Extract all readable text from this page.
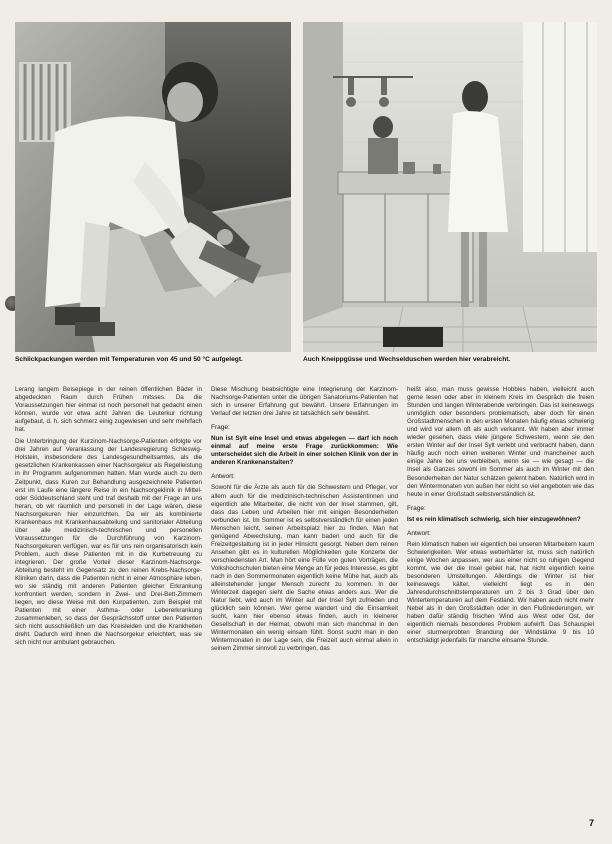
Schlickpackungen werden mit Temperaturen von 45 und 50 °C aufgelegt.	Auch Kneippgüsse und Wechselduschen werden hier verabreicht.

Lerang langem Beisepiege in der reinen öffentlichen Bäder in abgedeckten Raum durch Frühen mitsses. Da die Voraussetzungen hier einmal ist noch personell hat gedacht einen können, wurde vor etwa acht Jahren die Leuterkur richtung aufgebaut, d. h. sich schmerz einig zugewiesen und sehr mehrfach hat.

Die Unterbringung der Kurzinom-Nachsorge-Patienten erfolgte vor drei Jahren auf Veranlassung der Landesregierung Schleswig-Holstein, insbesondere des Landesgesundheitsamtes, als die gesetzlichen Krankenkassen einer Nachsorgekur als Regelleistung in ihr Programm aufgenommen hatten. Man wurde auch zu dem Zeitpunkt, dass Kuren zur Behandlung ausgezeichnete Patienten erst im Laufe eine längere Reise in ein Nachsorgeklinik in Mittel- oder Süddeutschland steht und traf deshalb mit der Frage an uns heran, ob wir räumlich und personell in der Lage wären, diese Nachsorgekuren hier einzurichten. Da wir als kombinierte Krankenhaus mit Krankenhausabteilung und sanitorialer Abteilung über alle medizinisch-technischen und personellen Voraussetzungen für die Durchführung von Karzinom-Nachsorgekuren verfügen, war es für uns rein organisatorisch kein Problem, auch diese Patienten mit in die Kurbetreuung zu integrieren. Der große Vorteil dieser Karzinom-Nachsorge-Abteilung besteht im Gegensatz zu den reinen Krebs-Nachsorge-Kliniken darin, dass die Patienten nicht in einer Atmosphäre leben, wo sie ständig mit anderen Patienten gleicher Erkrankung konfrontiert werden, sondern in Zwei- und Drei-Bett-Zimmern liegen, wo diese Weise mit den Kurpatienten, zum Beispiel mit Patienten mit einer Asthma- oder Lebererkrankung zusammenleben, so dass der Gesprächsstoff unter den Patienten sich nicht ausschließlich um das Kreisleiden und die Krankheiten dreht. Dadurch wird ihnen die Nachsorgekur erleichtert, was sie sich nicht nur ambulant gebrauchen.

Diese Mischung beabsichtigte eine Integrierung der Karzinom-Nachsorge-Patienten unter die übrigen Sanatoriums-Patienten hat sich in unserer Erfahrung gut bewährt. Unsere Erfahrungen im Verlauf der letzten drei Jahre ist tatsächlich sehr bewährt.

Frage:

Nun ist Sylt eine Insel und etwas abgelegen — darf ich noch einmal auf meine erste Frage zurückkommen: Wie unterscheidet sich die Arbeit in einer solchen Klinik von der in anderen Krankenanstalten?

Antwort:

Sowohl für die Ärzte als auch für die Schwestern und Pfleger, vor allem auch für die medizinisch-technischen Assistentinnen und eigentlich alle Mitarbeiter, die nicht von der Insel stammen, gilt, dass das Leben und Arbeiten hier mit einigen Besonderheiten verbunden ist. Im Sommer ist es selbstverständlich für einen jeden Menschen leicht, seinen Arbeitsplatz hier zu finden. Man hat genügend Abwechslung, man kann baden und auch für die Freizeitgestaltung ist in jeder Hinsicht gesorgt. Neben dem reinen Ansehen gibt es in kulturellen Möglichkeiten gute Konzerte der verschiedensten Art. Man hört eine Fülle von guten Vorträgen, die Volkshochschulen bieten eine Menge an für jedes Interesse, es gibt nach in den Sommermonaten eigentlich keine Mühe hat, auch als alleinstehender junger Mensch zurecht zu kommen. In der Winterzeit dagegen sieht die Sache etwas anders aus. Wer die Natur liebt, wird auch im Winter auf der Insel Sylt zufrieden und glücklich sein können. Wer gerne wandert und die Einsamkeit sucht, kann hier ebenso etwas finden, auch in kleinerer Gesellschaft in der Heimat, obwohl man sich manchmal in den Wintermonaten ein wenig einsam fühlt. Sonst sucht man in den Wintermonaten in der Lage sein, die Freizeit auch einmal allein in seinem Zimmer sinnvoll zu verbringen, das

heißt also, man muss gewisse Hobbies haben, vielleicht auch gerne lesen oder aber in kleinem Kreis im Gespräch die freien Stunden und langen Winterabende verbringen. Das ist keineswegs unmöglich oder besonders problematisch, aber doch für einen Großstadtmenschen in den ersten Monaten häufig etwas schwierig und wird vor allem oft als auch verkannt. Wir haben aber immer wieder gesehen, dass viele jüngere Schwestern, wenn sie den ersten Winter auf der Insel Sylt verlebt und verbracht haben, dann häufig auch noch einen weiteren Winter und mancheiner auch einige Jahre bei uns verbleiben, wenn sie — wie gesagt — die Insel als Ganzes sowohl im Sommer als auch im Winter mit den Besonderheiten der Natur schätzen gelernt haben. Natürlich wird in den Wintermonaten von außen her nicht so viel angeboten wie das heute in einer Großstadt selbstverständlich ist.

Frage:

Ist es rein klimatisch schwierig, sich hier einzugewöhnen?

Antwort:

Rein klimatisch haben wir eigentlich bei unseren Mitarbeitern kaum Schwierigkeiten. Wer etwas wetterhärter ist, muss sich natürlich einige Wochen anpassen, wer aus einer nicht so ruhigen Gegend kommt, wie der die Insel gebiet hat, hat nicht eigentlich keine besonderen Umstellungen. Allerdings die Winter ist hier keineswegs kälter, vielleicht liegt es in den Jahresdurchschnittstemperaturen um 2 bis 3 Grad über den Wintertemperaturen auf dem Festland. Wir haben auch nicht mehr Nebel als in den Großstädten oder in den Flußniederungen, wir haben dafür ständig frischen Wind aus West oder Ost, der eigentlich niemals besonderes Problem aufwirft. Das Schauspiel einer sturmerprobten Brandung der Windstärke 9 bis 10 entschädigt jedenfalls für manche einsame Stunde.

7
